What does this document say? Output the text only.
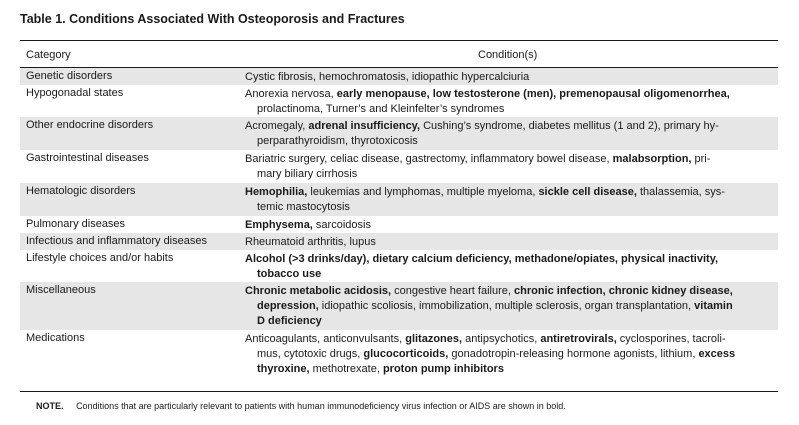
Table 1. Conditions Associated With Osteoporosis and Fractures
Category	Condition(s)
Genetic disorders	Cystic fibrosis, hemochromatosis, idiopathic hypercalciuria
Hypogonadal states	Anorexia nervosa, early menopause, low testosterone (men), premenopausal oligomenorrhea,
prolactinoma, Turner’s and Kleinfelter’s syndromes
Other endocrine disorders	Acromegaly, adrenal insufficiency, Cushing’s syndrome, diabetes mellitus (1 and 2), primary hy-
perparathyroidism, thyrotoxicosis
Gastrointestinal diseases	Bariatric surgery, celiac disease, gastrectomy, inflammatory bowel disease, malabsorption, pri-
mary biliary cirrhosis
Hematologic disorders	Hemophilia, leukemias and lymphomas, multiple myeloma, sickle cell disease, thalassemia, sys-
temic mastocytosis
Pulmonary diseases	Emphysema, sarcoidosis
Infectious and inflammatory diseases	Rheumatoid arthritis, lupus
Lifestyle choices and/or habits	Alcohol (>3 drinks/day), dietary calcium deficiency, methadone/opiates, physical inactivity,
tobacco use
Miscellaneous	Chronic metabolic acidosis, congestive heart failure, chronic infection, chronic kidney disease,
depression, idiopathic scoliosis, immobilization, multiple sclerosis, organ transplantation, vitamin
D deficiency
Medications	Anticoagulants, anticonvulsants, glitazones, antipsychotics, antiretrovirals, cyclosporines, tacroli-
mus, cytotoxic drugs, glucocorticoids, gonadotropin-releasing hormone agonists, lithium, excess
thyroxine, methotrexate, proton pump inhibitors
NOTE. Conditions that are particularly relevant to patients with human immunodeficiency virus infection or AIDS are shown in bold.
